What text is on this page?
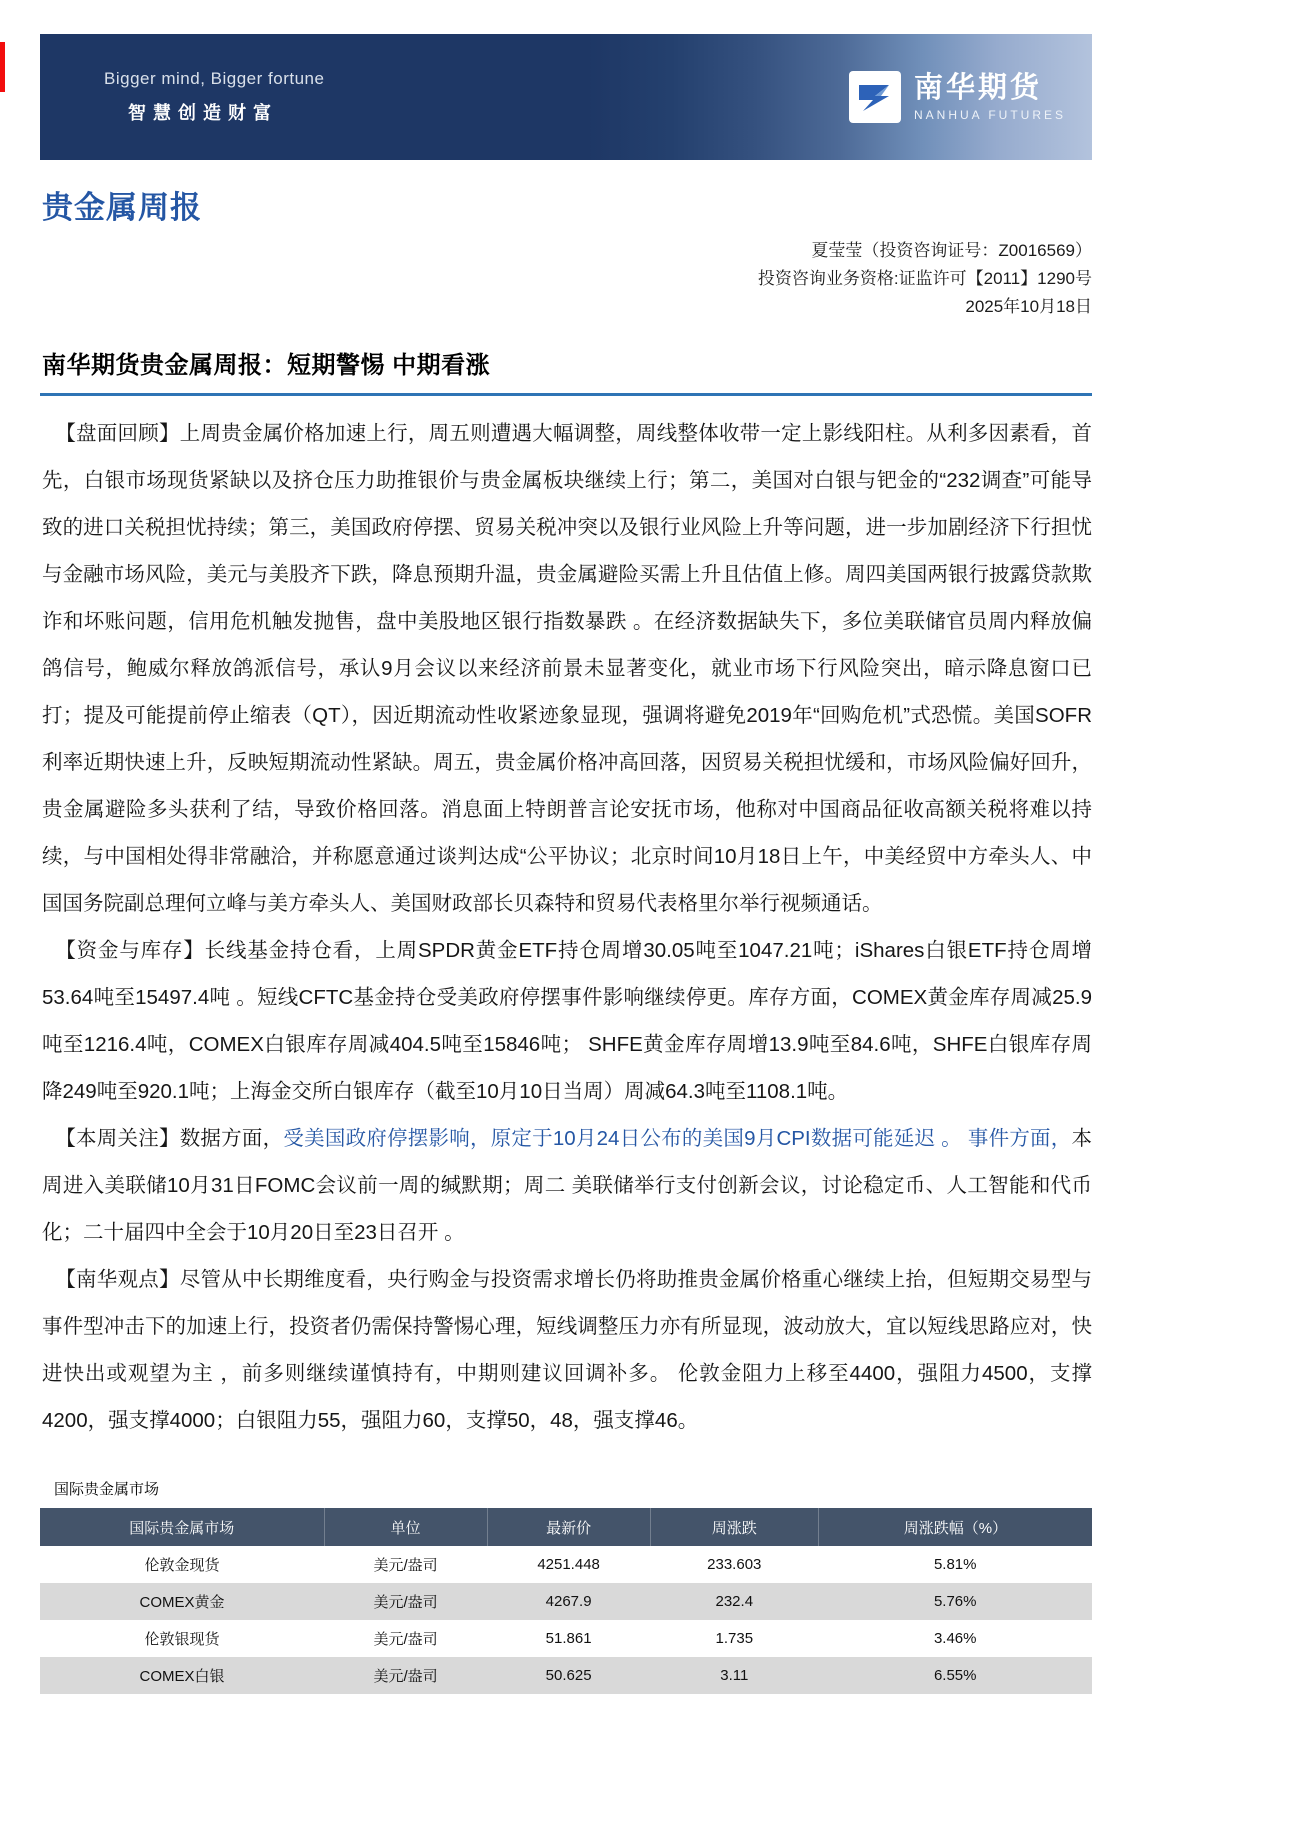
Bigger mind, Bigger fortune
智慧创造财富
南华期货
NANHUA FUTURES
贵金属周报
夏莹莹（投资咨询证号：Z0016569）
投资咨询业务资格:证监许可【2011】1290号
2025年10月18日
南华期货贵金属周报：短期警惕 中期看涨

【盘面回顾】上周贵金属价格加速上行，周五则遭遇大幅调整，周线整体收带一定上影线阳柱。从利多因素看，首先，白银市场现货紧缺以及挤仓压力助推银价与贵金属板块继续上行；第二，美国对白银与钯金的“232调查”可能导致的进口关税担忧持续；第三，美国政府停摆、贸易关税冲突以及银行业风险上升等问题，进一步加剧经济下行担忧与金融市场风险，美元与美股齐下跌，降息预期升温，贵金属避险买需上升且估值上修。周四美国两银行披露贷款欺诈和坏账问题，信用危机触发抛售，盘中美股地区银行指数暴跌 。在经济数据缺失下，多位美联储官员周内释放偏鸽信号，鲍威尔释放鸽派信号，承认9月会议以来经济前景未显著变化，就业市场下行风险突出，暗示降息窗口已打；提及可能提前停止缩表（QT），因近期流动性收紧迹象显现，强调将避免2019年“回购危机”式恐慌。美国SOFR利率近期快速上升，反映短期流动性紧缺。周五，贵金属价格冲高回落，因贸易关税担忧缓和，市场风险偏好回升，贵金属避险多头获利了结，导致价格回落。消息面上特朗普言论安抚市场，他称对中国商品征收高额关税将难以持续，与中国相处得非常融洽，并称愿意通过谈判达成“公平协议；北京时间10月18日上午，中美经贸中方牵头人、中国国务院副总理何立峰与美方牵头人、美国财政部长贝森特和贸易代表格里尔举行视频通话。

【资金与库存】长线基金持仓看，上周SPDR黄金ETF持仓周增30.05吨至1047.21吨；iShares白银ETF持仓周增53.64吨至15497.4吨 。短线CFTC基金持仓受美政府停摆事件影响继续停更。库存方面，COMEX黄金库存周减25.9吨至1216.4吨，COMEX白银库存周减404.5吨至15846吨； SHFE黄金库存周增13.9吨至84.6吨，SHFE白银库存周降249吨至920.1吨；上海金交所白银库存（截至10月10日当周）周减64.3吨至1108.1吨。

【本周关注】数据方面，受美国政府停摆影响，原定于10月24日公布的美国9月CPI数据可能延迟 。 事件方面，本周进入美联储10月31日FOMC会议前一周的缄默期；周二 美联储举行支付创新会议，讨论稳定币、人工智能和代币化；二十届四中全会于10月20日至23日召开 。

【南华观点】尽管从中长期维度看，央行购金与投资需求增长仍将助推贵金属价格重心继续上抬，但短期交易型与事件型冲击下的加速上行，投资者仍需保持警惕心理，短线调整压力亦有所显现，波动放大，宜以短线思路应对，快进快出或观望为主 ，前多则继续谨慎持有，中期则建议回调补多。 伦敦金阻力上移至4400，强阻力4500，支撑4200，强支撑4000；白银阻力55，强阻力60，支撑50，48，强支撑46。

国际贵金属市场
国际贵金属市场	单位	最新价	周涨跌	周涨跌幅（%）
伦敦金现货	美元/盎司	4251.448	233.603	5.81%
COMEX黄金	美元/盎司	4267.9	232.4	5.76%
伦敦银现货	美元/盎司	51.861	1.735	3.46%
COMEX白银	美元/盎司	50.625	3.11	6.55%
